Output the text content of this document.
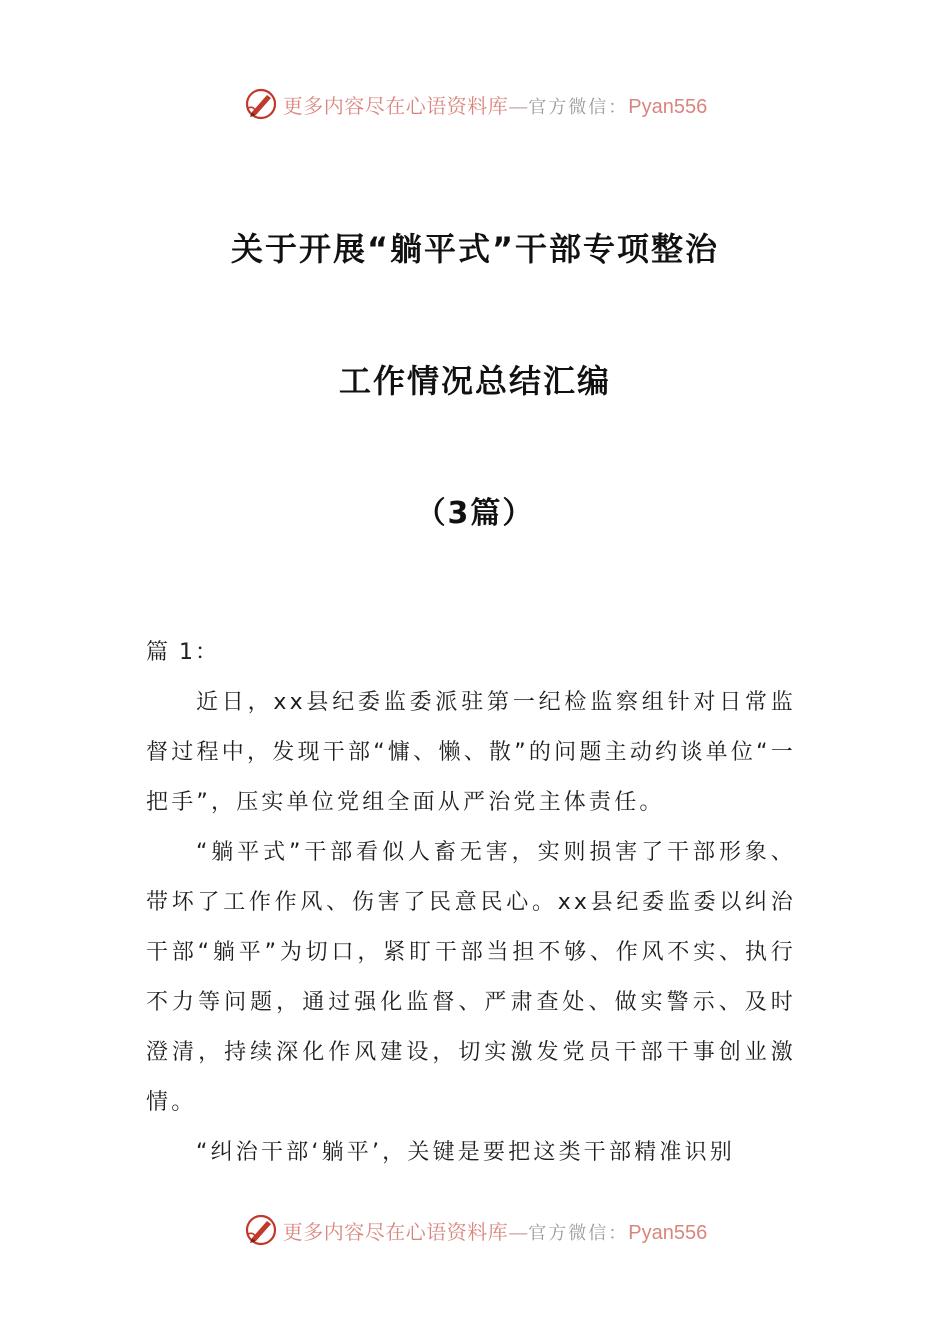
更多内容尽在心语资料库—官方微信：Pyan556
关于开展“躺平式”干部专项整治
工作情况总结汇编
（3篇）

篇 1：

近日，xx县纪委监委派驻第一纪检监察组针对日常监督过程中，发现干部“慵、懒、散”的问题主动约谈单位“一把手”，压实单位党组全面从严治党主体责任。

“躺平式”干部看似人畜无害，实则损害了干部形象、带坏了工作作风、伤害了民意民心。xx县纪委监委以纠治干部“躺平”为切口，紧盯干部当担不够、作风不实、执行不力等问题，通过强化监督、严肃查处、做实警示、及时澄清，持续深化作风建设，切实激发党员干部干事创业激情。

“纠治干部‘躺平’，关键是要把这类干部精准识别

更多内容尽在心语资料库—官方微信：Pyan556
